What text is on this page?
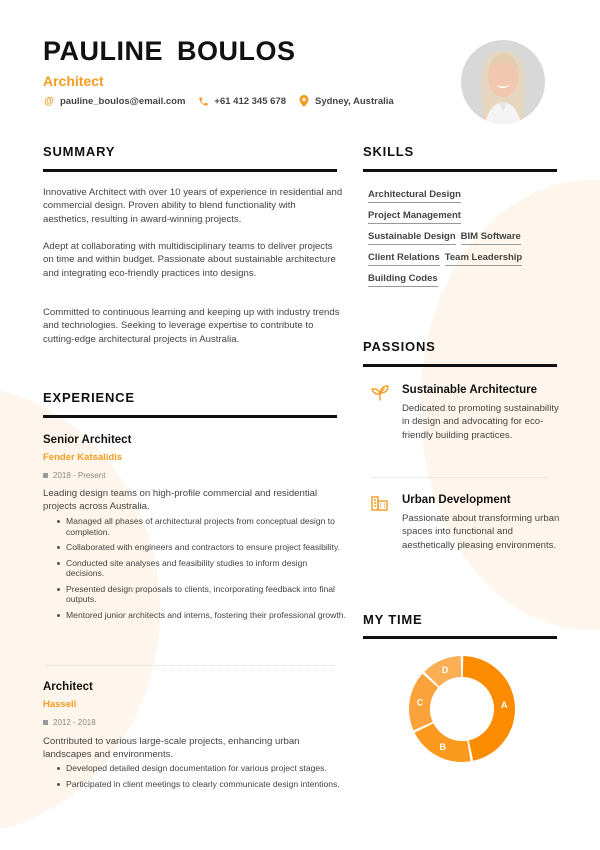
PAULINE BOULOS
Architect
@ pauline_boulos@email.com	+61 412 345 678	Sydney, Australia
SUMMARY

Innovative Architect with over 10 years of experience in residential and commercial design. Proven ability to blend functionality with aesthetics, resulting in award-winning projects.

Adept at collaborating with multidisciplinary teams to deliver projects on time and within budget. Passionate about sustainable architecture and integrating eco-friendly practices into designs.

Committed to continuous learning and keeping up with industry trends and technologies. Seeking to leverage expertise to contribute to cutting-edge architectural projects in Australia.

SKILLS
Architectural Design
Project Management
Sustainable Design BIM Software
Client Relations Team Leadership
Building Codes
PASSIONS
Sustainable Architecture
Dedicated to promoting sustainability in design and advocating for eco-friendly building practices.
Urban Development
Passionate about transforming urban spaces into functional and aesthetically pleasing environments.
EXPERIENCE
Senior Architect
Fender Katsalidis
2018 - Present
Leading design teams on high-profile commercial and residential projects across Australia.
Managed all phases of architectural projects from conceptual design to completion.
Collaborated with engineers and contractors to ensure project feasibility.
Conducted site analyses and feasibility studies to inform design decisions.
Presented design proposals to clients, incorporating feedback into final outputs.
Mentored junior architects and interns, fostering their professional growth.
Architect
Hassell
2012 - 2018
Contributed to various large-scale projects, enhancing urban landscapes and environments.
Developed detailed design documentation for various project stages.
Participated in client meetings to clearly communicate design intentions.
MY TIME
A
B
C
D
